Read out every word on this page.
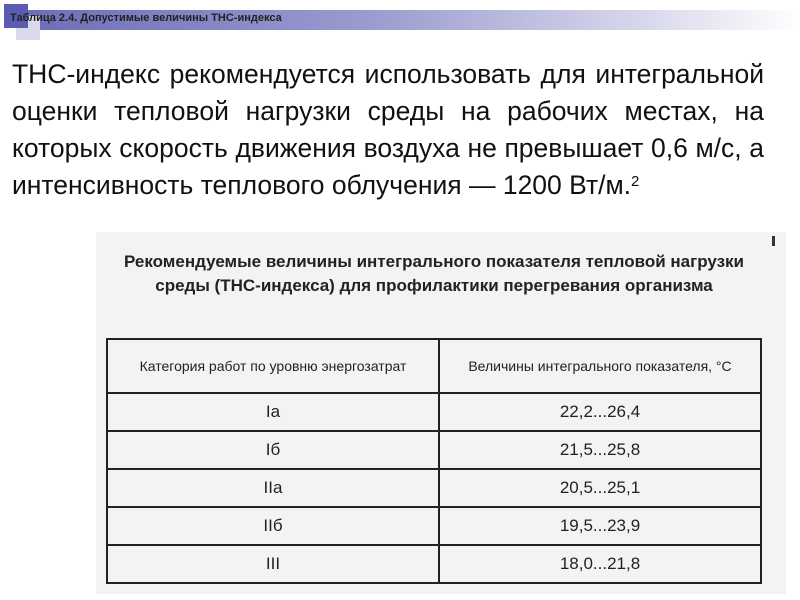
Таблица 2.4. Допустимые величины ТНС-индекса
ТНС-индекс рекомендуется использовать для интегральной оценки тепловой нагрузки среды на рабочих местах, на которых скорость движения воздуха не превышает 0,6 м/с, а интенсивность теплового облучения — 1200 Вт/м.$^2$
Рекомендуемые величины интегрального показателя тепловой нагрузки среды (ТНС-индекса) для профилактики перегревания организма
Категория работ по уровню энергозатрат	Величины интегрального показателя, °С
Ia	22,2...26,4
Iб	21,5...25,8
IIа	20,5...25,1
IIб	19,5...23,9
III	18,0...21,8
